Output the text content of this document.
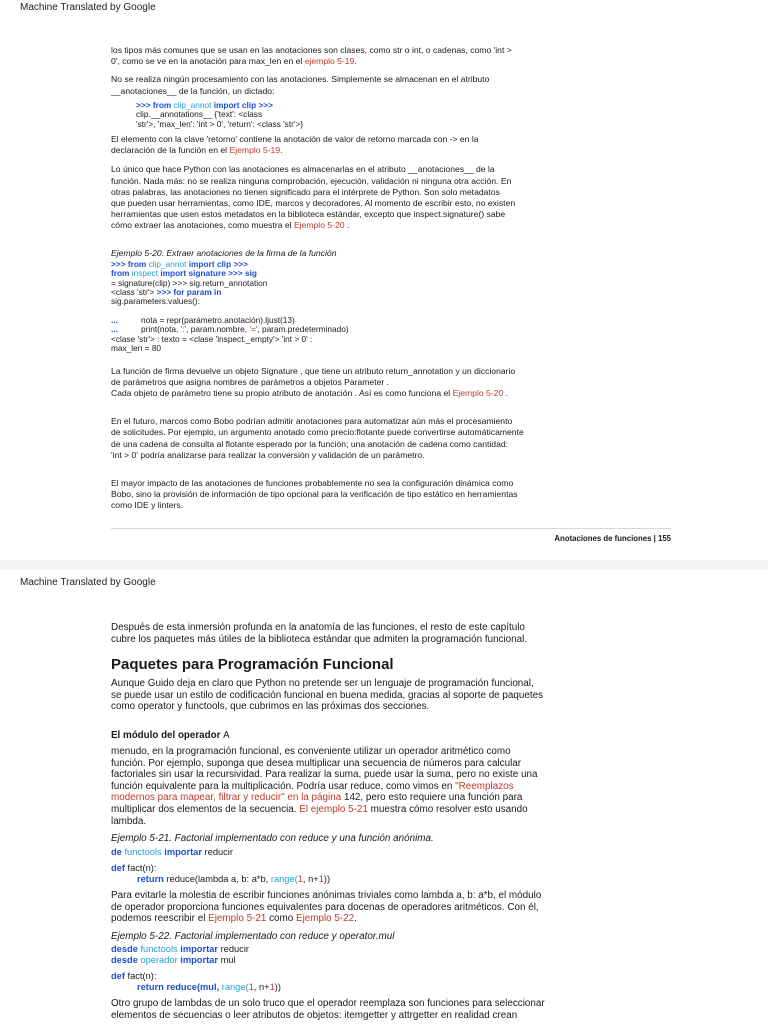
Machine Translated by Google

los tipos más comunes que se usan en las anotaciones son clases, como str o int, o cadenas, como 'int >
0', como se ve en la anotación para max_len en el ejemplo 5-19.

No se realiza ningún procesamiento con las anotaciones. Simplemente se almacenan en el atributo
__anotaciones__ de la función, un dictado:

>>> from clip_annot import clip >>>
clip.__annotations__ {'text': <class
'str'>, 'max_len': 'int > 0', 'return': <class 'str'>}

El elemento con la clave 'retorno' contiene la anotación de valor de retorno marcada con -> en la
declaración de la función en el Ejemplo 5-19.

Lo único que hace Python con las anotaciones es almacenarlas en el atributo __anotaciones__ de la
función. Nada más: no se realiza ninguna comprobación, ejecución, validación ni ninguna otra acción. En
otras palabras, las anotaciones no tienen significado para el intérprete de Python. Son solo metadatos
que pueden usar herramientas, como IDE, marcos y decoradores. Al momento de escribir esto, no existen
herramientas que usen estos metadatos en la biblioteca estándar, excepto que inspect.signature() sabe
cómo extraer las anotaciones, como muestra el Ejemplo 5-20 .

Ejemplo 5-20. Extraer anotaciones de la firma de la función

>>> from clip_annot import clip >>>
from inspect import signature >>> sig
= signature(clip) >>> sig.return_annotation
<class 'str'> >>> for param in
sig.parameters.values():
...	nota = repr(parámetro.anotación).ljust(13)
...	print(nota, ':', param.nombre, '=', param.predeterminado)
<clase 'str'> : texto = <clase 'inspect._empty'> 'int > 0' :
max_len = 80

La función de firma devuelve un objeto Signature , que tiene un atributo return_annotation y un diccionario
de parámetros que asigna nombres de parámetros a objetos Parameter .
Cada objeto de parámetro tiene su propio atributo de anotación . Así es como funciona el Ejemplo 5-20 .

En el futuro, marcos como Bobo podrían admitir anotaciones para automatizar aún más el procesamiento
de solicitudes. Por ejemplo, un argumento anotado como precio:flotante puede convertirse automáticamente
de una cadena de consulta al flotante esperado por la función; una anotación de cadena como cantidad:
'int > 0' podría analizarse para realizar la conversión y validación de un parámetro.

El mayor impacto de las anotaciones de funciones probablemente no sea la configuración dinámica como
Bobo, sino la provisión de información de tipo opcional para la verificación de tipo estático en herramientas
como IDE y linters.

Anotaciones de funciones | 155
Machine Translated by Google

Después de esta inmersión profunda en la anatomía de las funciones, el resto de este capítulo
cubre los paquetes más útiles de la biblioteca estándar que admiten la programación funcional.

Paquetes para Programación Funcional

Aunque Guido deja en claro que Python no pretende ser un lenguaje de programación funcional,
se puede usar un estilo de codificación funcional en buena medida, gracias al soporte de paquetes
como operator y functools, que cubrimos en las próximas dos secciones.

El módulo del operador A

menudo, en la programación funcional, es conveniente utilizar un operador aritmético como
función. Por ejemplo, suponga que desea multiplicar una secuencia de números para calcular
factoriales sin usar la recursividad. Para realizar la suma, puede usar la suma, pero no existe una
función equivalente para la multiplicación. Podría usar reduce, como vimos en "Reemplazos
modernos para mapear, filtrar y reducir" en la página 142, pero esto requiere una función para
multiplicar dos elementos de la secuencia. El ejemplo 5-21 muestra cómo resolver esto usando
lambda.

Ejemplo 5-21. Factorial implementado con reduce y una función anónima.

de functools importar reducir
def fact(n):
return reduce(lambda a, b: a*b, range(1, n+1))

Para evitarle la molestia de escribir funciones anónimas triviales como lambda a, b: a*b, el módulo
de operador proporciona funciones equivalentes para docenas de operadores aritméticos. Con él,
podemos reescribir el Ejemplo 5-21 como Ejemplo 5-22.

Ejemplo 5-22. Factorial implementado con reduce y operator.mul

desde functools importar reducir
desde operador importar mul
def fact(n):
return reduce(mul, range(1, n+1))

Otro grupo de lambdas de un solo truco que el operador reemplaza son funciones para seleccionar
elementos de secuencias o leer atributos de objetos: itemgetter y attrgetter en realidad crean
